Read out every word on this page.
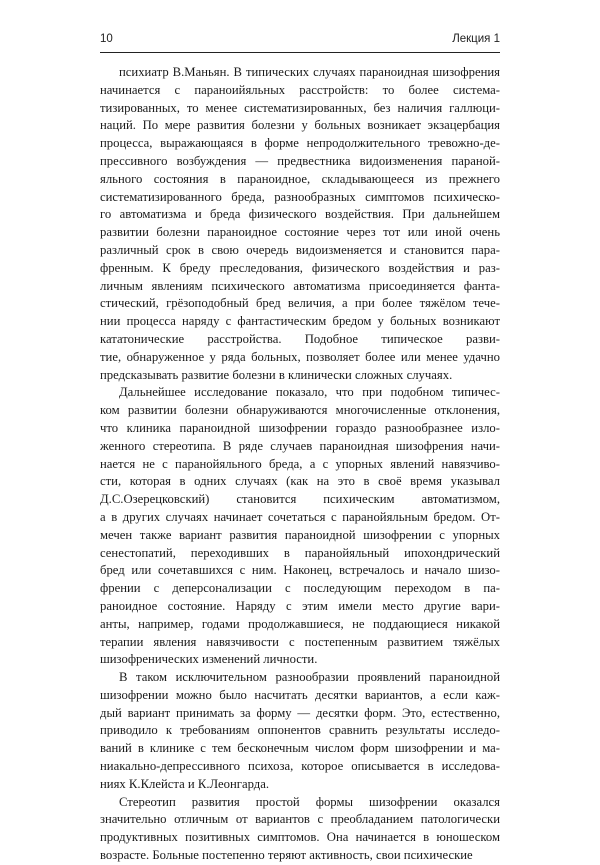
10	Лекция 1
психиатр В.Маньян. В типических случаях параноидная шизофрения
начинается с параноийяльных расстройств: то более система-
тизированных, то менее систематизированных, без наличия галлюци-
наций. По мере развития болезни у больных возникает экзацербация
процесса, выражающаяся в форме непродолжительного тревожно-де-
прессивного возбуждения — предвестника видоизменения параной-
яльного состояния в параноидное, складывающееся из прежнего
систематизированного бреда, разнообразных симптомов психическо-
го автоматизма и бреда физического воздействия. При дальнейшем
развитии болезни параноидное состояние через тот или иной очень
различный срок в свою очередь видоизменяется и становится пара-
френным. К бреду преследования, физического воздействия и раз-
личным явлениям психического автоматизма присоединяется фанта-
стический, грёзоподобный бред величия, а при более тяжёлом тече-
нии процесса наряду с фантастическим бредом у больных возникают
кататонические расстройства. Подобное типическое разви-
тие, обнаруженное у ряда больных, позволяет более или менее удачно
предсказывать развитие болезни в клинически сложных случаях.
Дальнейшее исследование показало, что при подобном типичес-
ком развитии болезни обнаруживаются многочисленные отклонения,
что клиника параноидной шизофрении гораздо разнообразнее изло-
женного стереотипа. В ряде случаев параноидная шизофрения начи-
нается не с паранойяльного бреда, а с упорных явлений навязчиво-
сти, которая в одних случаях (как на это в своё время указывал
Д.С.Озерецковский) становится психическим автоматизмом,
а в других случаях начинает сочетаться с паранойяльным бредом. От-
мечен также вариант развития параноидной шизофрении с упорных
сенестопатий, переходивших в паранойяльный ипохондрический
бред или сочетавшихся с ним. Наконец, встречалось и начало шизо-
френии с деперсонализации с последующим переходом в па-
раноидное состояние. Наряду с этим имели место другие вари-
анты, например, годами продолжавшиеся, не поддающиеся никакой
терапии явления навязчивости с постепенным развитием тяжёлых
шизофренических изменений личности.
В таком исключительном разнообразии проявлений параноидной
шизофрении можно было насчитать десятки вариантов, а если каж-
дый вариант принимать за форму — десятки форм. Это, естественно,
приводило к требованиям оппонентов сравнить результаты исследо-
ваний в клинике с тем бесконечным числом форм шизофрении и ма-
ниакально-депрессивного психоза, которое описывается в исследова-
ниях К.Клейста и К.Леонгарда.
Стереотип развития простой формы шизофрении оказался
значительно отличным от вариантов с преобладанием патологически
продуктивных позитивных симптомов. Она начинается в юношеском
возрасте. Больные постепенно теряют активность, свои психические
